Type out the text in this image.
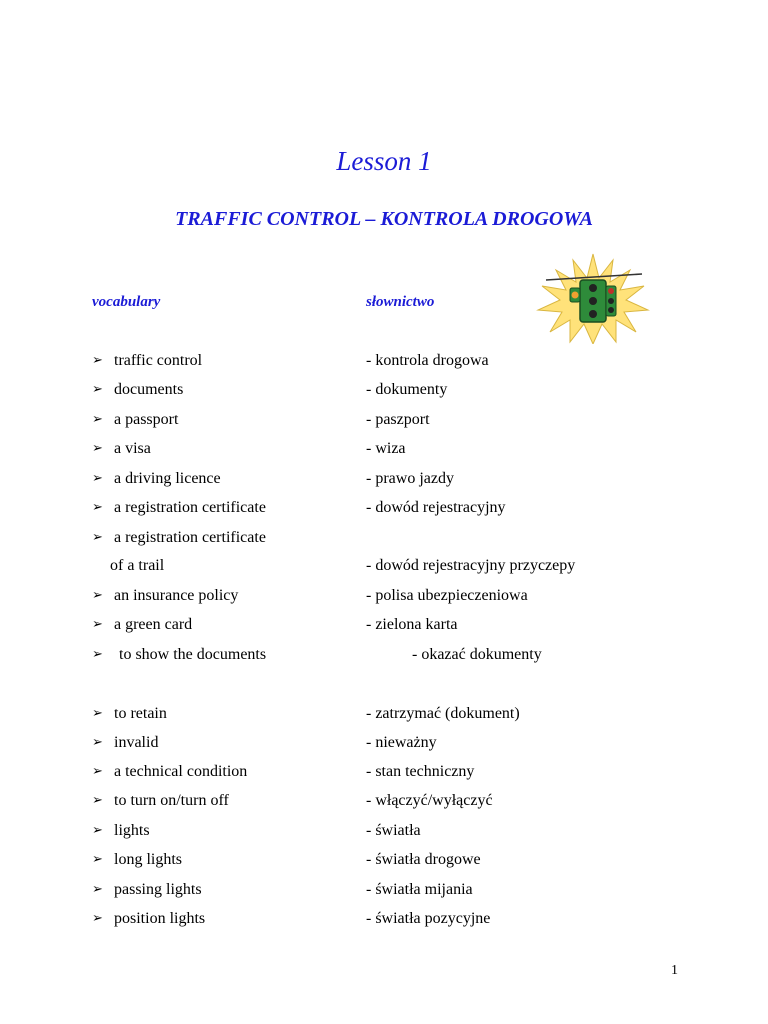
Lesson 1
TRAFFIC CONTROL – KONTROLA DROGOWA
vocabulary	słownictwo
➢ traffic control	- kontrola drogowa
➢ documents	- dokumenty
➢ a passport	- paszport
➢ a visa	- wiza
➢ a driving licence	- prawo jazdy
➢ a registration certificate	- dowód rejestracyjny
➢ a registration certificate
of a trail	- dowód rejestracyjny przyczepy
➢ an insurance policy	- polisa ubezpieczeniowa
➢ a green card	- zielona karta
➢	to show the documents	- okazać dokumenty
➢ to retain	- zatrzymać (dokument)
➢ invalid	- nieważny
➢ a technical condition	- stan techniczny
➢ to turn on/turn off	- włączyć/wyłączyć
➢ lights	- światła
➢ long lights	- światła drogowe
➢ passing lights	- światła mijania
➢ position lights	- światła pozycyjne
1
